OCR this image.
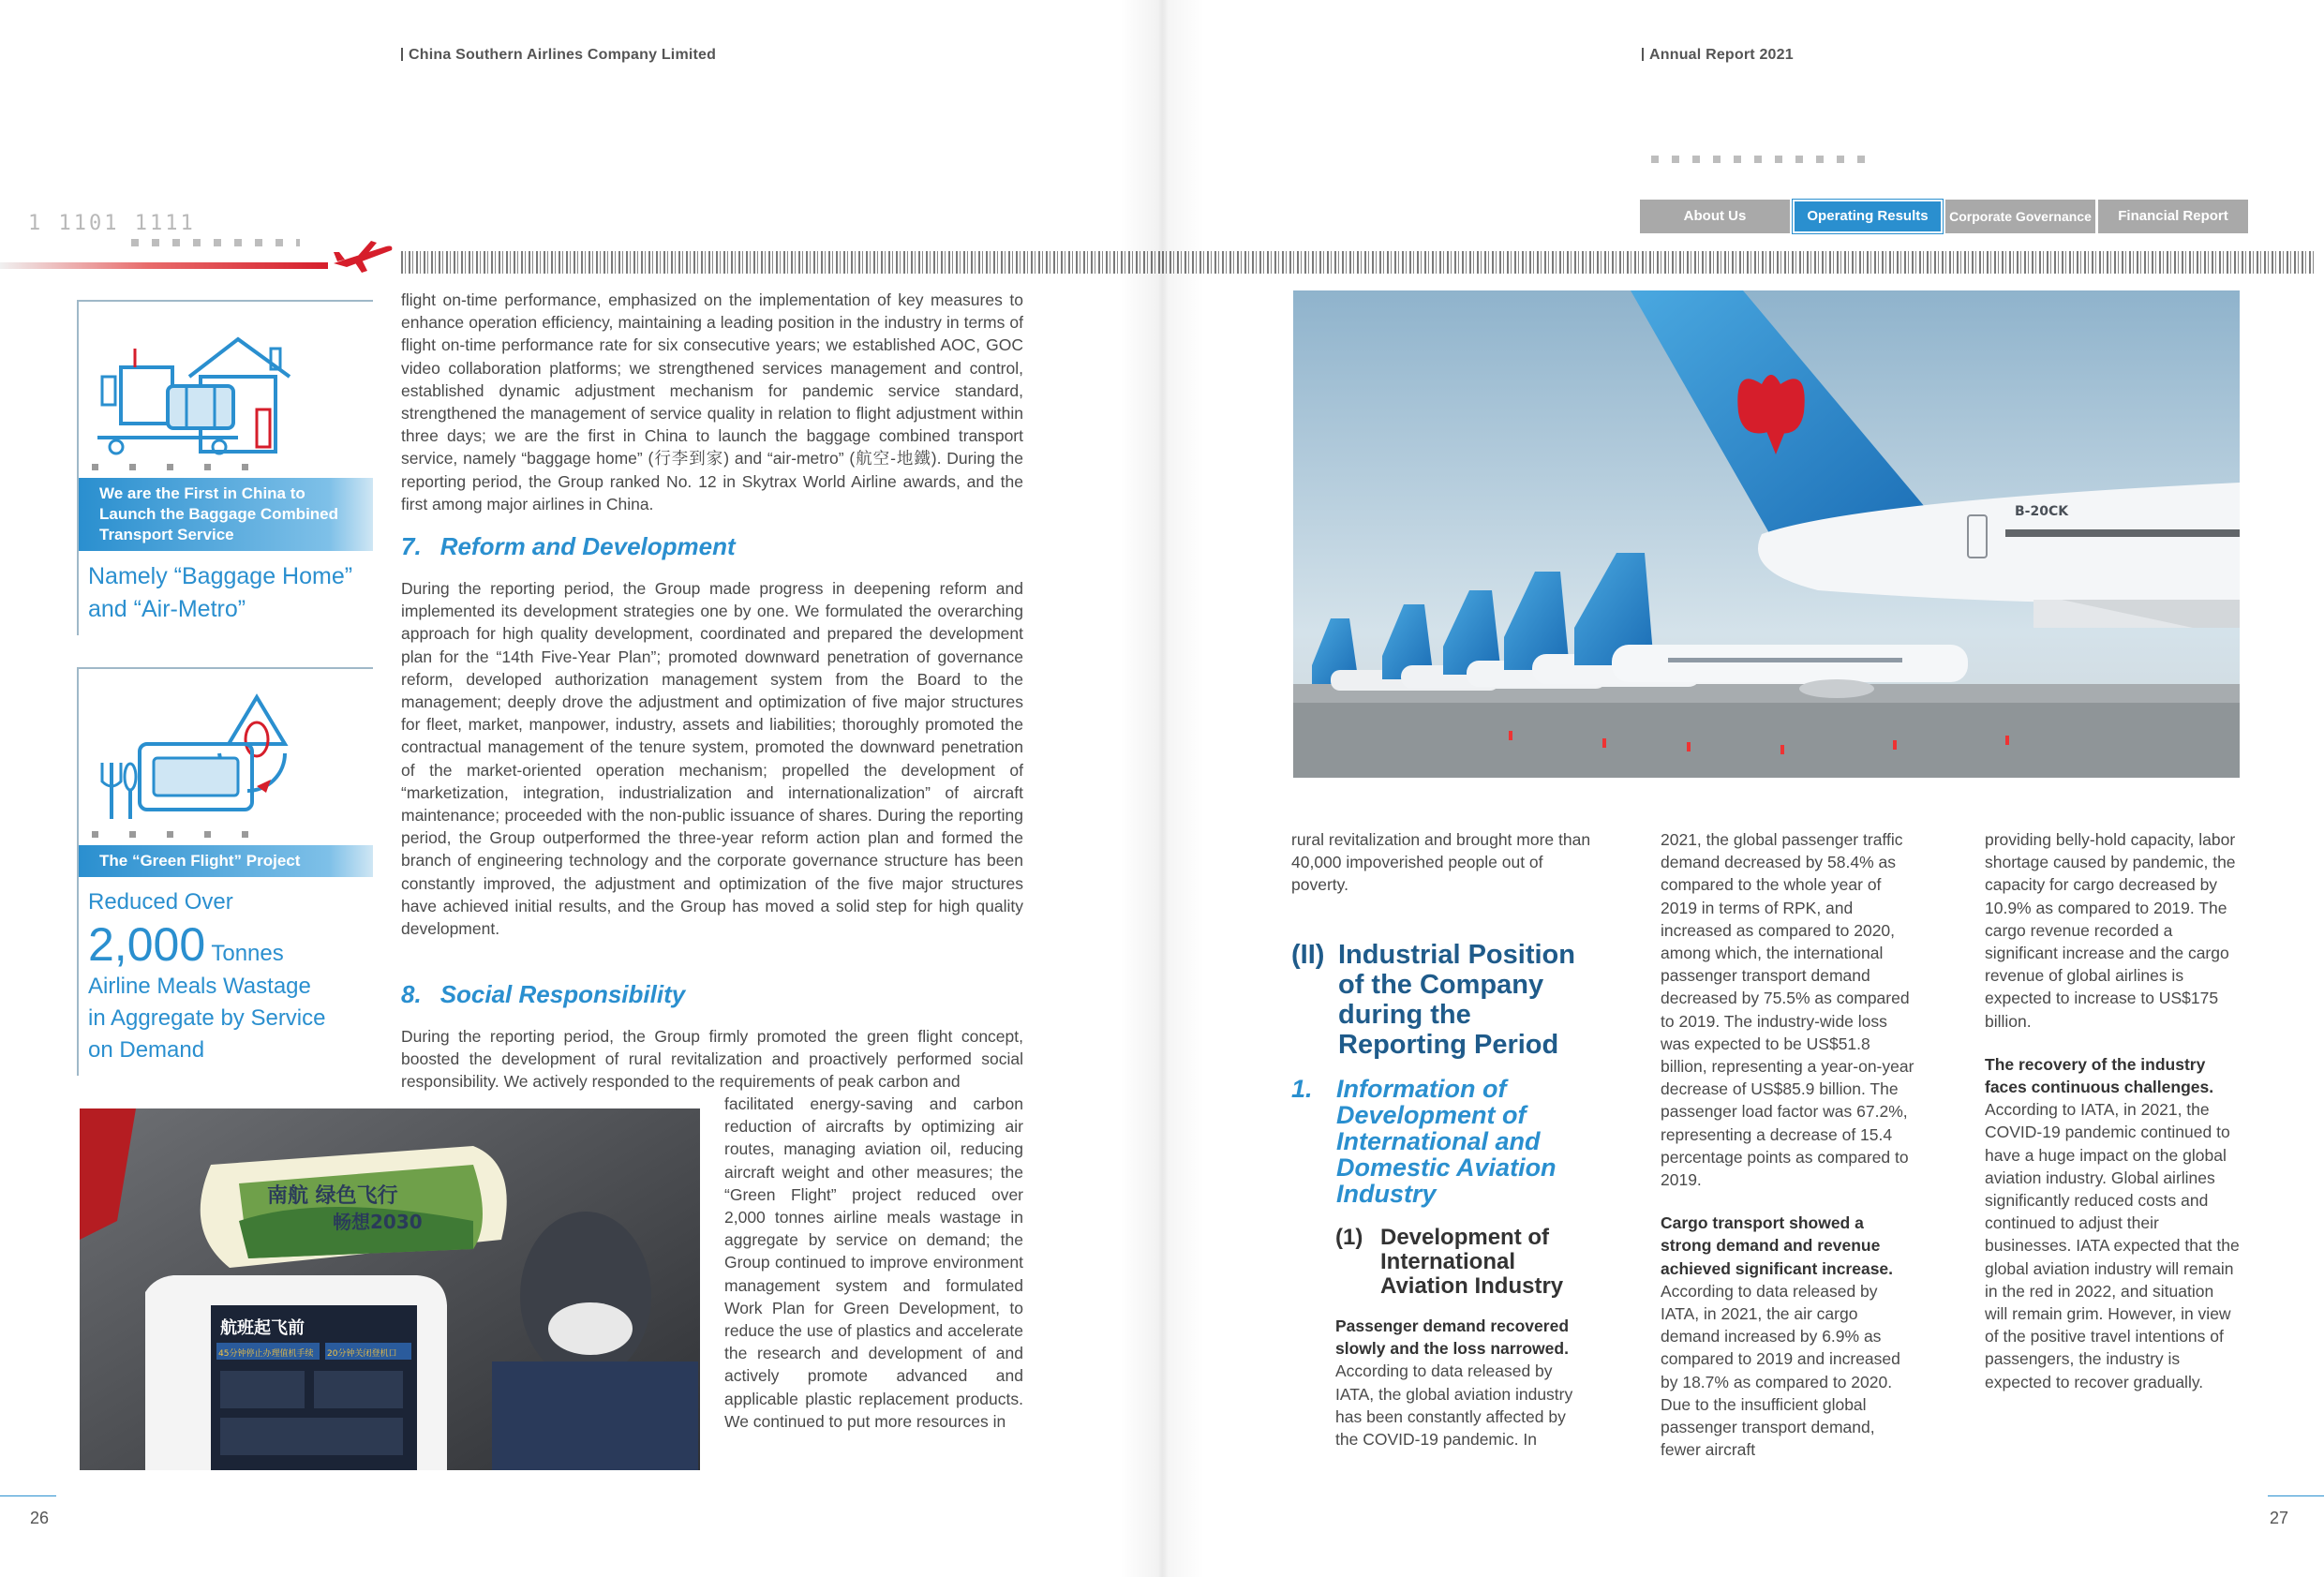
China Southern Airlines Company Limited
1 1101 1111
We are the First in China to Launch the Baggage Combined Transport Service
Namely “Baggage Home”
and “Air-Metro”
The “Green Flight” Project
Reduced Over
2,000 Tonnes
Airline Meals Wastage
in Aggregate by Service
on Demand
flight on-time performance, emphasized on the implementation of key measures to enhance operation efficiency, maintaining a leading position in the industry in terms of flight on-time performance rate for six consecutive years; we established AOC, GOC video collaboration platforms; we strengthened services management and control, established dynamic adjustment mechanism for pandemic service standard, strengthened the management of service quality in relation to flight adjustment within three days; we are the first in China to launch the baggage combined transport service, namely “baggage home” (行李到家) and “air-metro” (航空-地鐵). During the reporting period, the Group ranked No. 12 in Skytrax World Airline awards, and the first among major airlines in China.
7. Reform and Development
During the reporting period, the Group made progress in deepening reform and implemented its development strategies one by one. We formulated the overarching approach for high quality development, coordinated and prepared the development plan for the “14th Five-Year Plan”; promoted downward penetration of governance reform, developed authorization management system from the Board to the management; deeply drove the adjustment and optimization of five major structures for fleet, market, manpower, industry, assets and liabilities; thoroughly promoted the contractual management of the tenure system, promoted the downward penetration of the market-oriented operation mechanism; propelled the development of “marketization, integration, industrialization and internationalization” of aircraft maintenance; proceeded with the non-public issuance of shares. During the reporting period, the Group outperformed the three-year reform action plan and formed the branch of engineering technology and the corporate governance structure has been constantly improved, the adjustment and optimization of the five major structures have achieved initial results, and the Group has moved a solid step for high quality development.
8. Social Responsibility
During the reporting period, the Group firmly promoted the green flight concept, boosted the development of rural revitalization and proactively performed social responsibility. We actively responded to the requirements of peak carbon and
facilitated energy-saving and carbon reduction of aircrafts by optimizing air routes, managing aviation oil, reducing aircraft weight and other measures; the “Green Flight” project reduced over 2,000 tonnes airline meals wastage in aggregate by service on demand; the Group continued to improve environment management system and formulated Work Plan for Green Development, to reduce the use of plastics and accelerate the research and development of and actively promote advanced and applicable plastic replacement products. We continued to put more resources in
南航 绿色飞行
畅想2030
航班起飞前
45分钟停止办理值机手续 20分钟关闭登机口
26
Annual Report 2021
About Us	Operating Results	Corporate Governance	Financial Report
B-20CK
rural revitalization and brought more than 40,000 impoverished people out of poverty.
(II) Industrial Position of the Company during the Reporting Period
1. Information of Development of International and Domestic Aviation Industry
(1) Development of International Aviation Industry
Passenger demand recovered slowly and the loss narrowed.
According to data released by IATA, the global aviation industry has been constantly affected by the COVID-19 pandemic. In

2021, the global passenger traffic demand decreased by 58.4% as compared to the whole year of 2019 in terms of RPK, and increased as compared to 2020, among which, the international passenger transport demand decreased by 75.5% as compared to 2019. The industry-wide loss was expected to be US$51.8 billion, representing a year-on-year decrease of US$85.9 billion. The passenger load factor was 67.2%, representing a decrease of 15.4 percentage points as compared to 2019.

Cargo transport showed a strong demand and revenue achieved significant increase. According to data released by IATA, in 2021, the air cargo demand increased by 6.9% as compared to 2019 and increased by 18.7% as compared to 2020. Due to the insufficient global passenger transport demand, fewer aircraft

providing belly-hold capacity, labor shortage caused by pandemic, the capacity for cargo decreased by 10.9% as compared to 2019. The cargo revenue recorded a significant increase and the cargo revenue of global airlines is expected to increase to US$175 billion.

The recovery of the industry faces continuous challenges.
According to IATA, in 2021, the COVID-19 pandemic continued to have a huge impact on the global aviation industry. Global airlines significantly reduced costs and continued to adjust their businesses. IATA expected that the global aviation industry will remain in the red in 2022, and situation will remain grim. However, in view of the positive travel intentions of passengers, the industry is expected to recover gradually.
27
